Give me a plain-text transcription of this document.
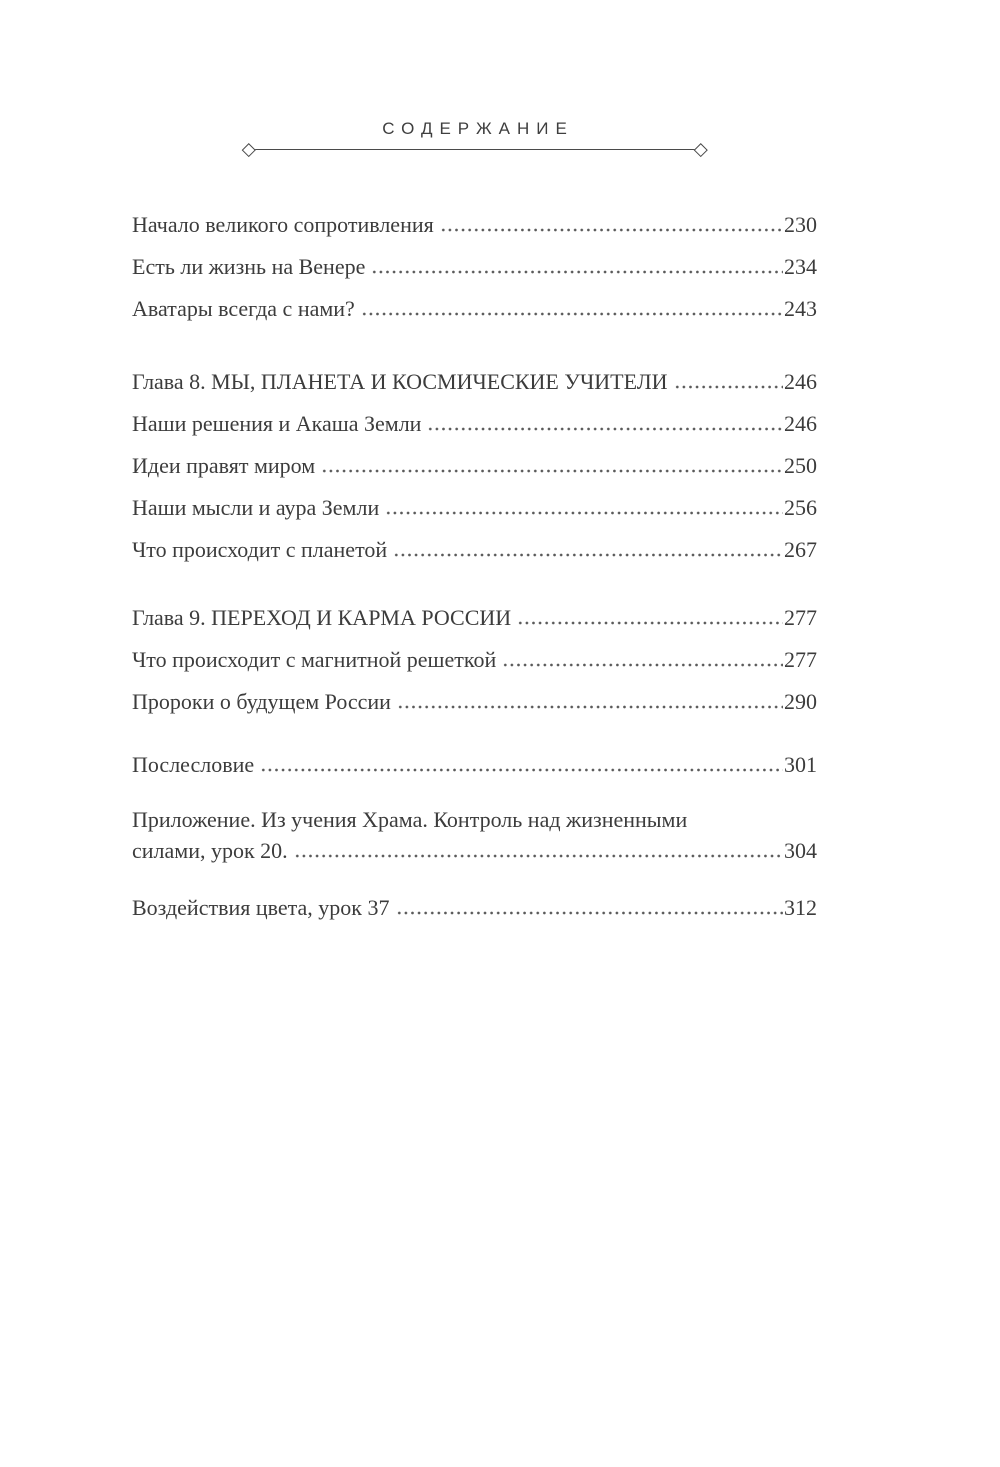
СОДЕРЖАНИЕ
Начало великого сопротивления	230
Есть ли жизнь на Венере	234
Аватары всегда с нами?	243
Глава 8. МЫ, ПЛАНЕТА И КОСМИЧЕСКИЕ УЧИТЕЛИ	246
Наши решения и Акаша Земли	246
Идеи правят миром	250
Наши мысли и аура Земли	256
Что происходит с планетой	267
Глава 9. ПЕРЕХОД И КАРМА РОССИИ	277
Что происходит с магнитной решеткой	277
Пророки о будущем России	290
Послесловие	301
Приложение. Из учения Храма. Контроль над жизненными
силами, урок 20.	304
Воздействия цвета, урок 37	312
